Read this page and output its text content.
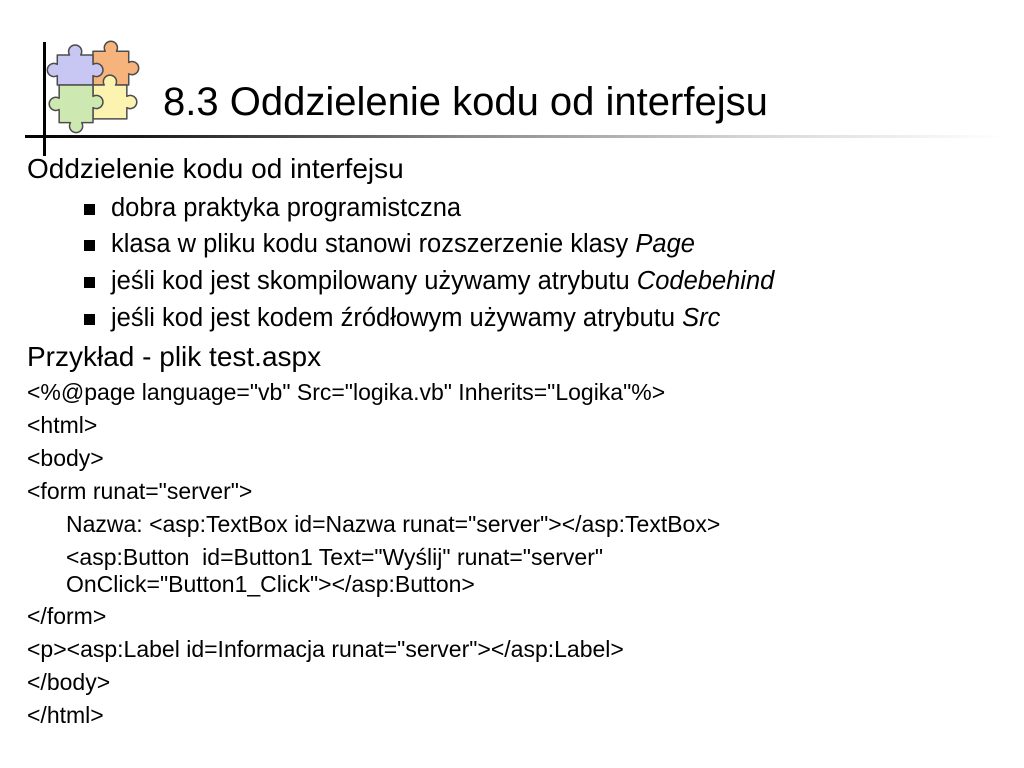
8.3 Oddzielenie kodu od interfejsu
Oddzielenie kodu od interfejsu
dobra praktyka programistczna
klasa w pliku kodu stanowi rozszerzenie klasy Page
jeśli kod jest skompilowany używamy atrybutu Codebehind
jeśli kod jest kodem źródłowym używamy atrybutu Src
Przykład - plik test.aspx
<%@page language="vb" Src="logika.vb" Inherits="Logika"%>
<html>
<body>
<form runat="server">
Nazwa: <asp:TextBox id=Nazwa runat="server"></asp:TextBox>
<asp:Button  id=Button1 Text="Wyślij" runat="server"
OnClick="Button1_Click"></asp:Button>
</form>
<p><asp:Label id=Informacja runat="server"></asp:Label>
</body>
</html>
